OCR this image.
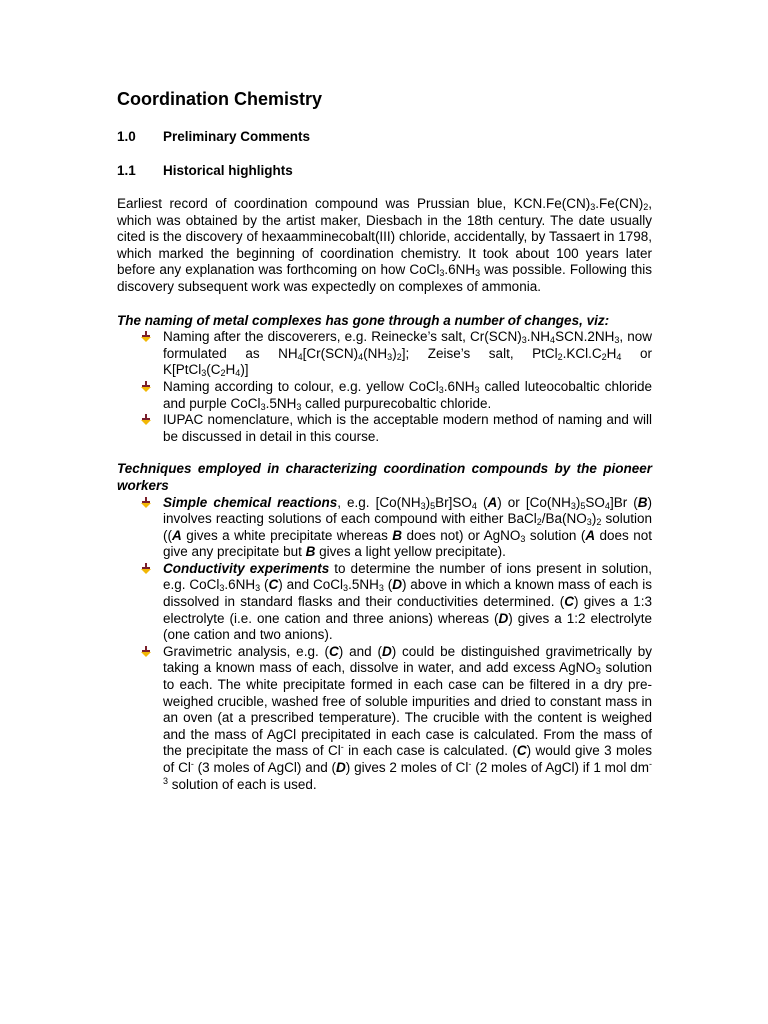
Coordination Chemistry
1.0	Preliminary Comments
1.1	Historical highlights

Earliest record of coordination compound was Prussian blue, $KCN.Fe(CN)_3.Fe(CN)_2$, which was obtained by the artist maker, Diesbach in the 18th century. The date usually cited is the discovery of hexaamminecobalt(III) chloride, accidentally, by Tassaert in 1798, which marked the beginning of coordination chemistry. It took about 100 years later before any explanation was forthcoming on how $CoCl_3.6NH_3$ was possible. Following this discovery subsequent work was expectedly on complexes of ammonia.

The naming of metal complexes has gone through a number of changes, viz:

Naming after the discoverers, e.g. Reinecke’s salt, $Cr(SCN)_3.NH_4SCN.2NH_3$, now formulated as $NH_4[Cr(SCN)_4(NH_3)_2]$; Zeise’s salt, $PtCl_2.KCl.C_2H_4$ or $K[PtCl_3(C_2H_4)]$
Naming according to colour, e.g. yellow $CoCl_3.6NH_3$ called luteocobaltic chloride and purple $CoCl_3.5NH_3$ called purpurecobaltic chloride.
IUPAC nomenclature, which is the acceptable modern method of naming and will be discussed in detail in this course.

Techniques employed in characterizing coordination compounds by the pioneer workers

Simple chemical reactions, e.g. $[Co(NH_3)_5Br]SO_4$ (A) or $[Co(NH_3)_5SO_4]Br$ (B) involves reacting solutions of each compound with either $BaCl_2/Ba(NO_3)_2$ solution ((A gives a white precipitate whereas B does not) or AgNO$_3$ solution (A does not give any precipitate but B gives a light yellow precipitate).
Conductivity experiments to determine the number of ions present in solution, e.g. $CoCl_3.6NH_3$ (C) and $CoCl_3.5NH_3$ (D) above in which a known mass of each is dissolved in standard flasks and their conductivities determined. (C) gives a 1:3 electrolyte (i.e. one cation and three anions) whereas (D) gives a 1:2 electrolyte (one cation and two anions).
Gravimetric analysis, e.g. (C) and (D) could be distinguished gravimetrically by taking a known mass of each, dissolve in water, and add excess AgNO$_3$ solution to each. The white precipitate formed in each case can be filtered in a dry pre-weighed crucible, washed free of soluble impurities and dried to constant mass in an oven (at a prescribed temperature). The crucible with the content is weighed and the mass of AgCl precipitated in each case is calculated. From the mass of the precipitate the mass of Cl- in each case is calculated. (C) would give 3 moles of Cl- (3 moles of AgCl) and (D) gives 2 moles of Cl- (2 moles of AgCl) if 1 mol $dm^{-3}$ solution of each is used.
